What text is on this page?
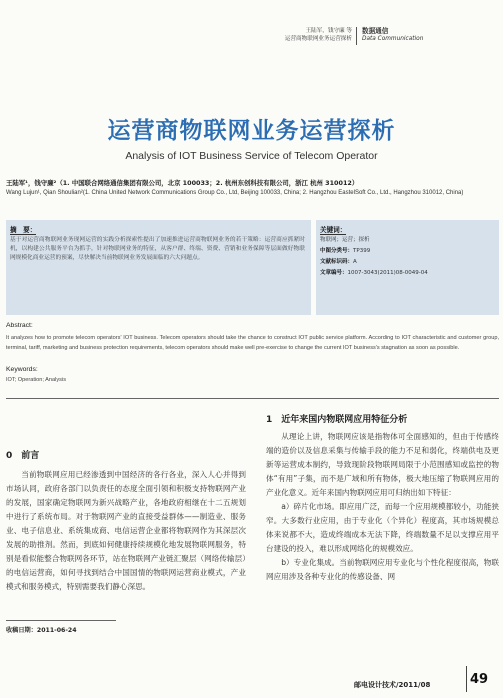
王陆军，钱守廉 等
运营商物联网业务运营探析
数据通信
Data Communication
运营商物联网业务运营探析
Analysis of IOT Business Service of Telecom Operator
王陆军¹，钱守廉²（1. 中国联合网络通信集团有限公司，北京 100033；2. 杭州东创科技有限公司，浙江 杭州 310012）
Wang Lujun¹, Qian Shoulian²(1. China United Network Communications Group Co., Ltd, Beijing 100033, China; 2. Hangzhou EastelSoft Co., Ltd., Hangzhou 310012, China)
摘　要：
基于对运营商物联网业务现网运营的实践分析探索性提出了加速推进运营商物联网业务的若干策略：运营商应抓紧时机，以构建公共服务平台为抓手，针对物联网业务的特征，从客户群、终端、资费、营销和业务保障等层面做好物联网规模化商业运营的预案，尽快解决当前物联网业务发展面临的六大问题点。
关键词：
物联网；运营；探析
中图分类号：TP399
文献标识码：A
文章编号：1007-3043(2011)08-0049-04
Abstract:
It analyzes how to promote telecom operators' IOT business. Telecom operators should take the chance to construct IOT public service platform. According to IOT characteristic and customer group, terminal, tariff, marketing and business protection requirements, telecom operators should make well pre-exercise to change the current IOT business's stagnation as soon as possible.
Keywords:
IOT; Operation; Analysis
0　前言

当前物联网应用已经渗透到中国经济的各行各业，深入人心并得到市场认同，政府各部门以负责任的态度全面引领和积极支持物联网产业的发展，国家确定物联网为新兴战略产业，各地政府相继在十二五规划中进行了系统布局。对于物联网产业的直接受益群体——制造业、服务业、电子信息业、系统集成商、电信运营企业都将物联网作为其深层次发展的助推剂。然而，到底如何健康持续规模化地发展物联网服务，特别是看似能整合物联网各环节，站在物联网产业链汇聚层（网络传输层）的电信运营商，如何寻找到结合中国国情的物联网运营商业模式，产业模式和服务模式，特别需要我们静心深思。

收稿日期：2011-06-24
1　近年来国内物联网应用特征分析

从理论上讲，物联网应该是指物体可全面感知的，但由于传感终端的造价以及信息采集与传输手段的能力不足和弱化，终端供电及更新等运营成本制约，导致现阶段物联网局限于小范围感知或监控的物体“有用”子集，而不是广域和所有物体，极大地压缩了物联网应用的产业化意义。近年来国内物联网应用可归纳出如下特征：

a）碎片化市场。即应用广泛，而每一个应用规模都较小，功能狭窄。大多数行业应用，由于专业化（个异化）程度高，其市场规模总体来说都不大，造成终端成本无法下降，终端数量不足以支撑应用平台建设的投入，难以形成网络化的规模效应。

b）专业化集成。当前物联网应用专业化与个性化程度很高，物联网应用涉及各种专业化的传感设备、网

邮电设计技术/2011/08	49
